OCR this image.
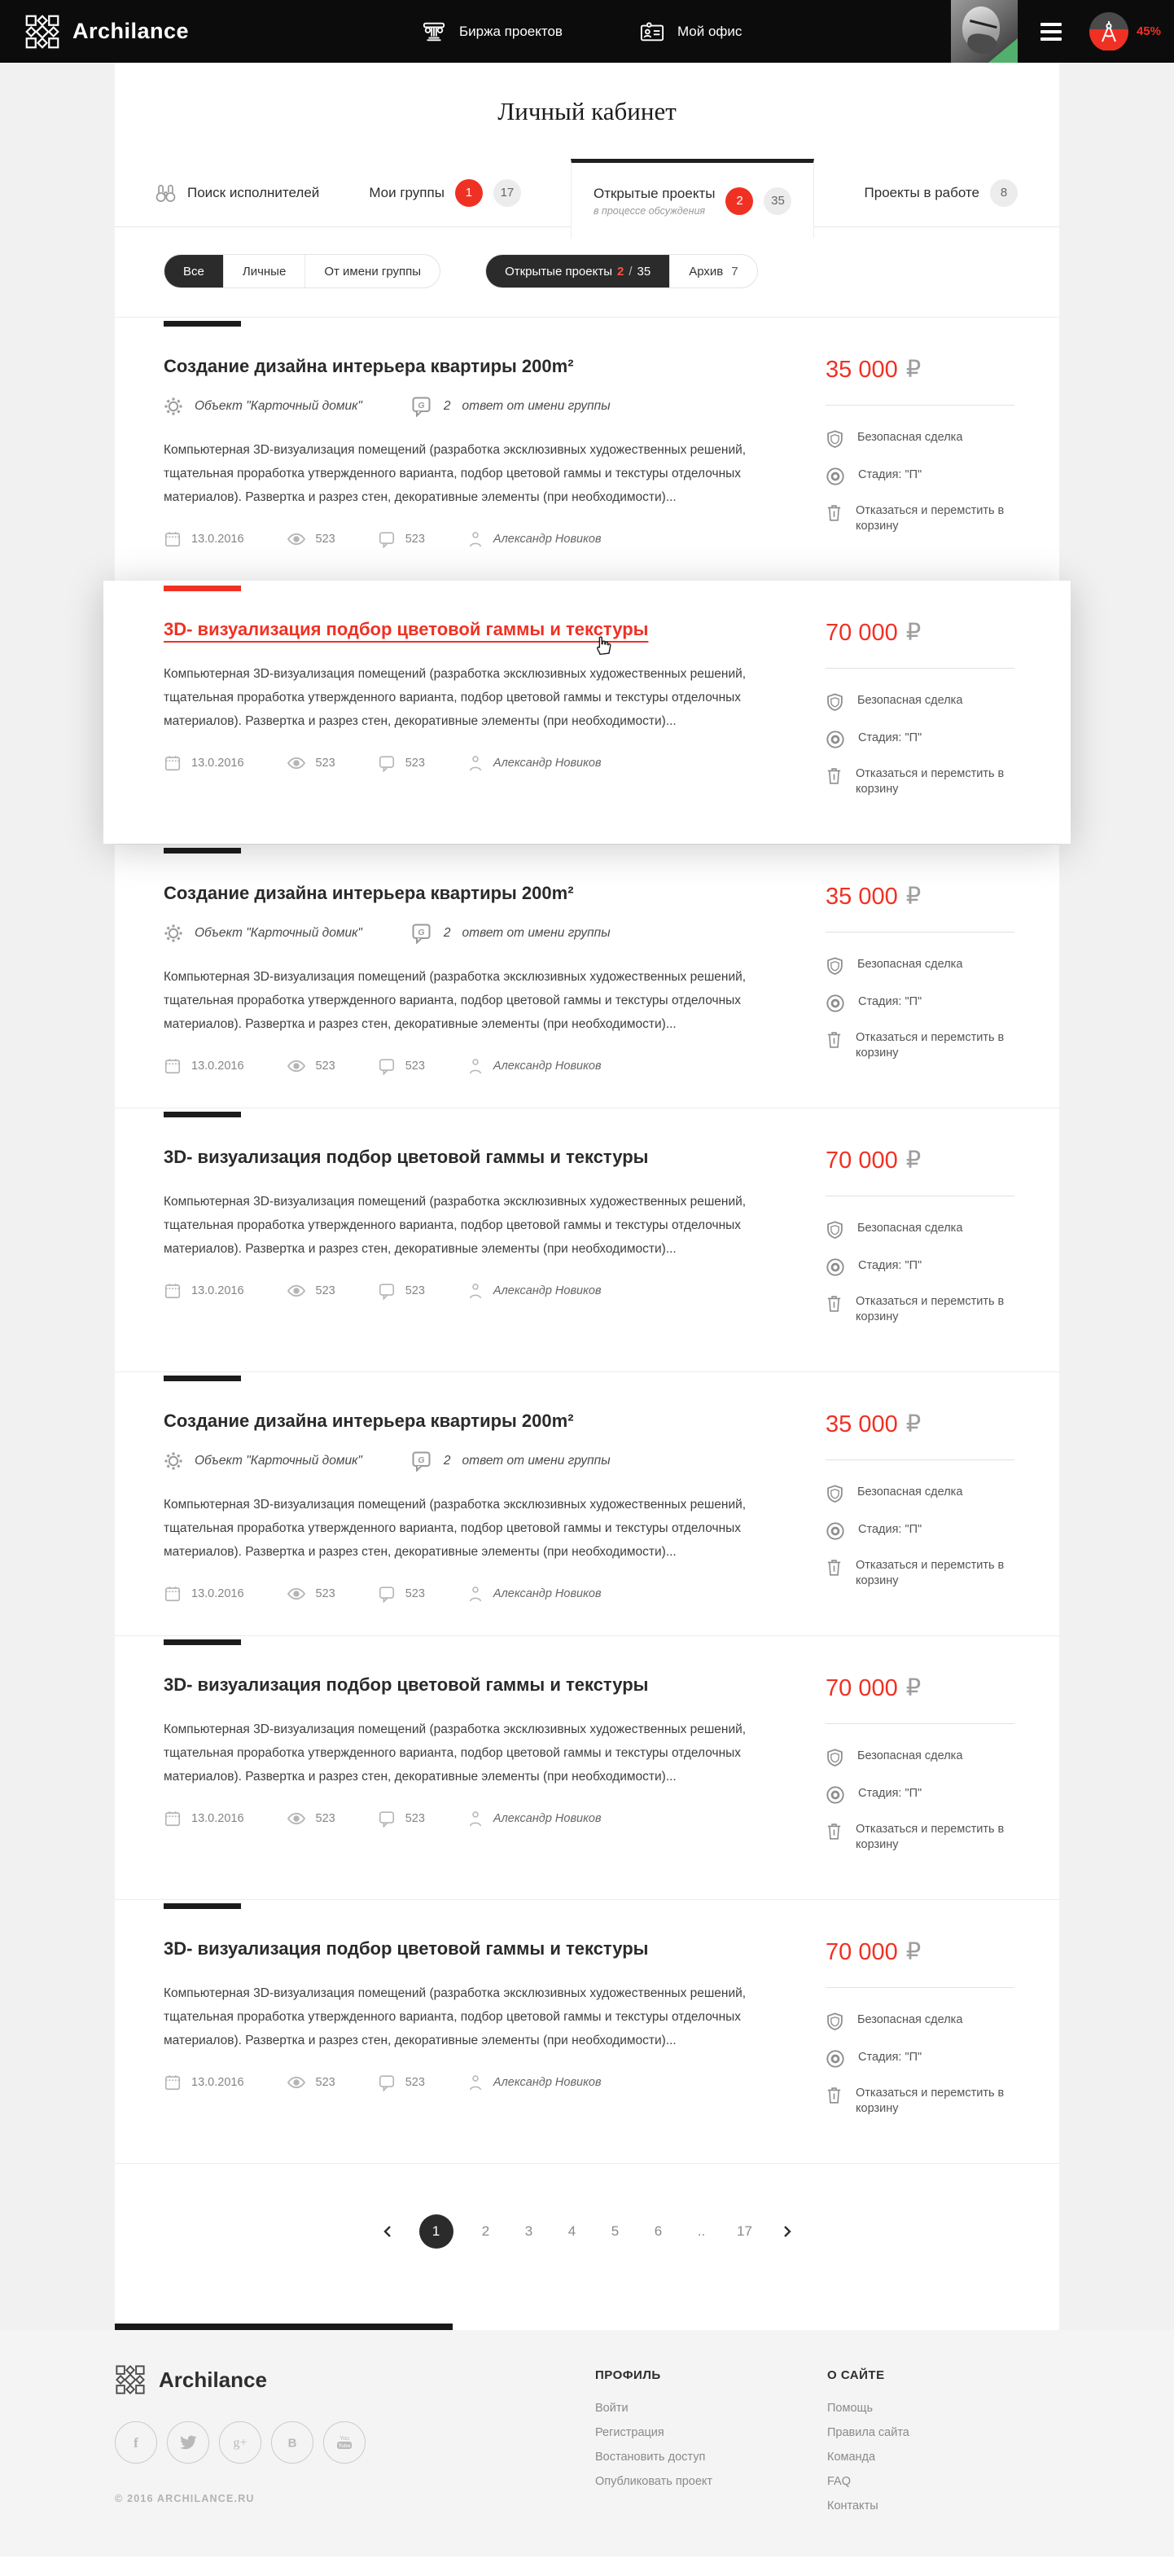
Archilance	Биржа проектов	Мой офис	45%
Личный кабинет
Поиск исполнителей	Мои группы	1	17	Открытые проекты
в процессе обсуждения
2	35
Проекты в работе	8
Все	Личные	От имени группы	Открытые проекты 2 / 35	Архив 7
Создание дизайна интерьера квартиры 200m²
Объект "Карточный домик"	G 2 ответ от имени группы

Компьютерная 3D-визуализация помещений (разработка эксклюзивных художественных решений, тщательная проработка утвержденного варианта, подбор цветовой гаммы и текстуры отделочных материалов). Развертка и разрез стен, декоративные элементы (при необходимости)...

13.0.2016	523	523	Александр Новиков
35 000 ₽
Безопасная сделка
Стадия: "П"
Отказаться и перемстить в корзину
3D- визуализация подбор цветовой гаммы и текстуры

Компьютерная 3D-визуализация помещений (разработка эксклюзивных художественных решений, тщательная проработка утвержденного варианта, подбор цветовой гаммы и текстуры отделочных материалов). Развертка и разрез стен, декоративные элементы (при необходимости)...

13.0.2016	523	523	Александр Новиков
70 000 ₽
Безопасная сделка
Стадия: "П"
Отказаться и перемстить в корзину
Создание дизайна интерьера квартиры 200m²
Объект "Карточный домик"	G 2 ответ от имени группы

Компьютерная 3D-визуализация помещений (разработка эксклюзивных художественных решений, тщательная проработка утвержденного варианта, подбор цветовой гаммы и текстуры отделочных материалов). Развертка и разрез стен, декоративные элементы (при необходимости)...

13.0.2016	523	523	Александр Новиков
35 000 ₽
Безопасная сделка
Стадия: "П"
Отказаться и перемстить в корзину
3D- визуализация подбор цветовой гаммы и текстуры

Компьютерная 3D-визуализация помещений (разработка эксклюзивных художественных решений, тщательная проработка утвержденного варианта, подбор цветовой гаммы и текстуры отделочных материалов). Развертка и разрез стен, декоративные элементы (при необходимости)...

13.0.2016	523	523	Александр Новиков
70 000 ₽
Безопасная сделка
Стадия: "П"
Отказаться и перемстить в корзину
Создание дизайна интерьера квартиры 200m²
Объект "Карточный домик"	G 2 ответ от имени группы

Компьютерная 3D-визуализация помещений (разработка эксклюзивных художественных решений, тщательная проработка утвержденного варианта, подбор цветовой гаммы и текстуры отделочных материалов). Развертка и разрез стен, декоративные элементы (при необходимости)...

13.0.2016	523	523	Александр Новиков
35 000 ₽
Безопасная сделка
Стадия: "П"
Отказаться и перемстить в корзину
3D- визуализация подбор цветовой гаммы и текстуры

Компьютерная 3D-визуализация помещений (разработка эксклюзивных художественных решений, тщательная проработка утвержденного варианта, подбор цветовой гаммы и текстуры отделочных материалов). Развертка и разрез стен, декоративные элементы (при необходимости)...

13.0.2016	523	523	Александр Новиков
70 000 ₽
Безопасная сделка
Стадия: "П"
Отказаться и перемстить в корзину
3D- визуализация подбор цветовой гаммы и текстуры

Компьютерная 3D-визуализация помещений (разработка эксклюзивных художественных решений, тщательная проработка утвержденного варианта, подбор цветовой гаммы и текстуры отделочных материалов). Развертка и разрез стен, декоративные элементы (при необходимости)...

13.0.2016	523	523	Александр Новиков
70 000 ₽
Безопасная сделка
Стадия: "П"
Отказаться и перемстить в корзину
1	2	3	4	5	6	..	17
Archilance
f	g+	В	You
Tube
© 2016 ARCHILANCE.RU
ПРОФИЛЬ
Войти
Регистрация
Востановить доступ
Опубликовать проект
О САЙТЕ
Помощь
Правила сайта
Команда
FAQ
Контакты
